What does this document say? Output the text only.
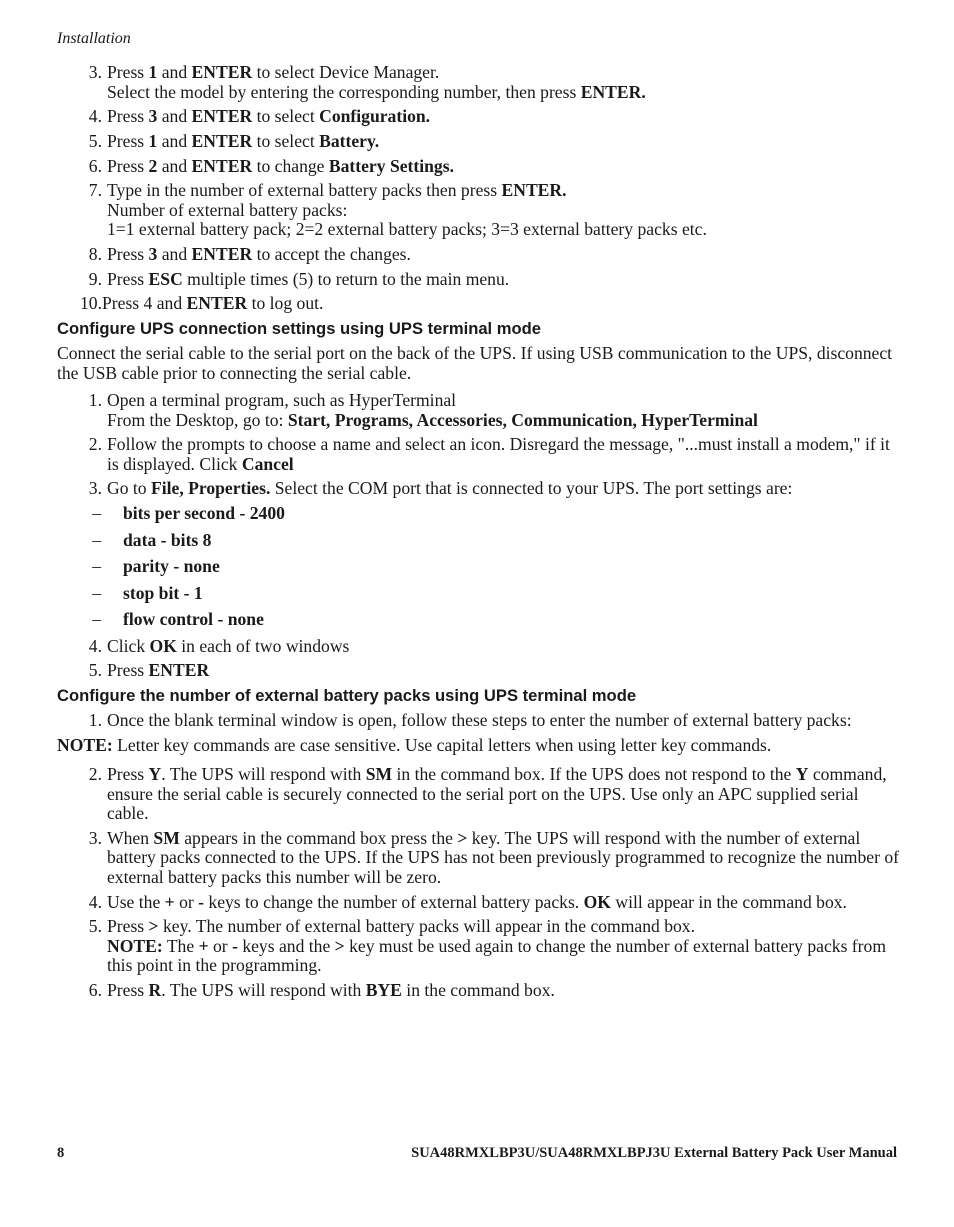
Installation
3. Press 1 and ENTER to select Device Manager.
Select the model by entering the corresponding number, then press ENTER.
4. Press 3 and ENTER to select Configuration.
5. Press 1 and ENTER to select Battery.
6. Press 2 and ENTER to change Battery Settings.
7. Type in the number of external battery packs then press ENTER.
Number of external battery packs:
1=1 external battery pack; 2=2 external battery packs; 3=3 external battery packs etc.
8. Press 3 and ENTER to accept the changes.
9. Press ESC multiple times (5) to return to the main menu.
10. Press 4 and ENTER to log out.
Configure UPS connection settings using UPS terminal mode

Connect the serial cable to the serial port on the back of the UPS. If using USB communication to the UPS, disconnect the USB cable prior to connecting the serial cable.

1. Open a terminal program, such as HyperTerminal
From the Desktop, go to: Start, Programs, Accessories, Communication, HyperTerminal
2. Follow the prompts to choose a name and select an icon. Disregard the message, "...must install a modem," if it is displayed. Click Cancel
3. Go to File, Properties. Select the COM port that is connected to your UPS. The port settings are:
–	bits per second - 2400
–	data - bits 8
–	parity - none
–	stop bit - 1
–	flow control - none
4. Click OK in each of two windows
5. Press ENTER
Configure the number of external battery packs using UPS terminal mode
1. Once the blank terminal window is open, follow these steps to enter the number of external battery packs:
NOTE: Letter key commands are case sensitive. Use capital letters when using letter key commands.
2. Press Y. The UPS will respond with SM in the command box. If the UPS does not respond to the Y command, ensure the serial cable is securely connected to the serial port on the UPS. Use only an APC supplied serial cable.
3. When SM appears in the command box press the > key. The UPS will respond with the number of external battery packs connected to the UPS. If the UPS has not been previously programmed to recognize the number of external battery packs this number will be zero.
4. Use the + or - keys to change the number of external battery packs. OK will appear in the command box.
5. Press > key. The number of external battery packs will appear in the command box.
NOTE: The + or - keys and the > key must be used again to change the number of external battery packs from this point in the programming.
6. Press R. The UPS will respond with BYE in the command box.
8	SUA48RMXLBP3U/SUA48RMXLBPJ3U External Battery Pack User Manual
